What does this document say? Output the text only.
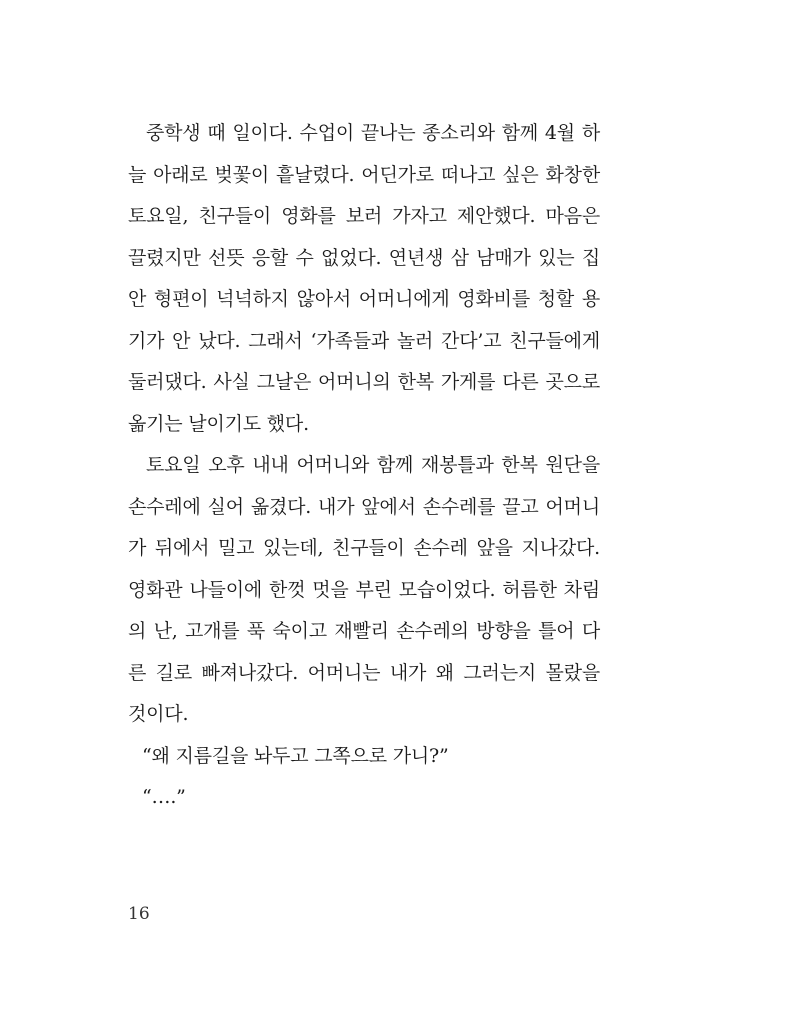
중학생 때 일이다. 수업이 끝나는 종소리와 함께 4월 하
늘 아래로 벚꽃이 흩날렸다. 어딘가로 떠나고 싶은 화창한
토요일, 친구들이 영화를 보러 가자고 제안했다. 마음은
끌렸지만 선뜻 응할 수 없었다. 연년생 삼 남매가 있는 집
안 형편이 넉넉하지 않아서 어머니에게 영화비를 청할 용
기가 안 났다. 그래서 ‘가족들과 놀러 간다’고 친구들에게
둘러댔다. 사실 그날은 어머니의 한복 가게를 다른 곳으로
옮기는 날이기도 했다.
토요일 오후 내내 어머니와 함께 재봉틀과 한복 원단을
손수레에 실어 옮겼다. 내가 앞에서 손수레를 끌고 어머니
가 뒤에서 밀고 있는데, 친구들이 손수레 앞을 지나갔다.
영화관 나들이에 한껏 멋을 부린 모습이었다. 허름한 차림
의 난, 고개를 푹 숙이고 재빨리 손수레의 방향을 틀어 다
른 길로 빠져나갔다. 어머니는 내가 왜 그러는지 몰랐을
것이다.
“왜 지름길을 놔두고 그쪽으로 가니?”
“….”
16
